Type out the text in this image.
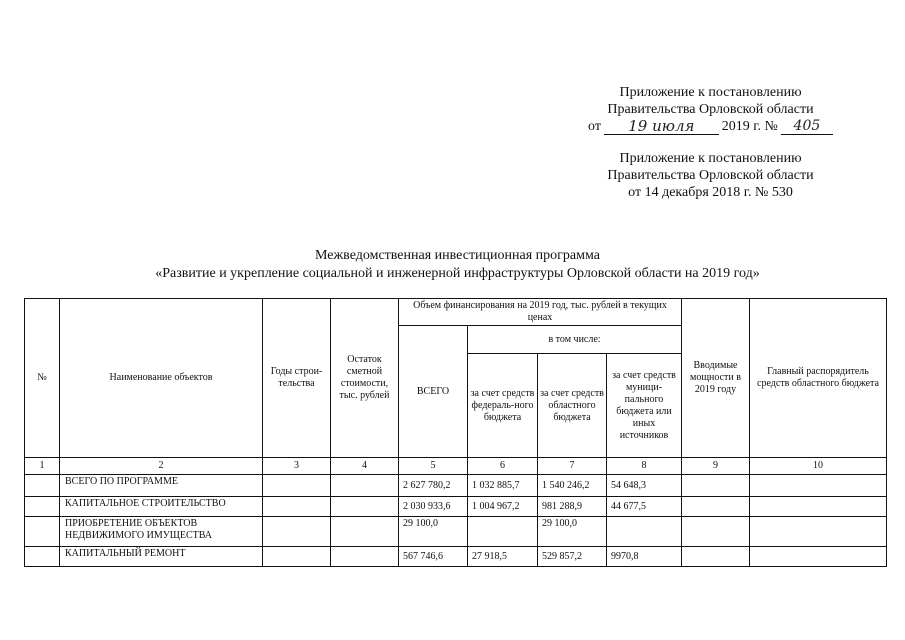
Приложение к постановлению
Правительства Орловской области
от	19 июля	2019 г. №	405
Приложение к постановлению
Правительства Орловской области
от 14 декабря 2018 г. № 530
Межведомственная инвестиционная программа
«Развитие и укрепление социальной и инженерной инфраструктуры Орловской области на 2019 год»
№	Наименование объектов	Годы строи-тельства	Остаток сметной стоимости, тыс. рублей	Объем финансирования на 2019 год, тыс. рублей в текущих ценах				Вводимые мощности в 2019 году	Главный распорядитель средств областного бюджета
				ВСЕГО	в том числе:				
					за счет средств федераль-ного бюджета	за счет средств областного бюджета	за счет средств муници-пального бюджета или иных источников		
1	2	3	4	5	6	7	8	9	10
	ВСЕГО ПО ПРОГРАММЕ			2 627 780,2	1 032 885,7	1 540 246,2	54 648,3		
	КАПИТАЛЬНОЕ СТРОИТЕЛЬСТВО			2 030 933,6	1 004 967,2	981 288,9	44 677,5		
	ПРИОБРЕТЕНИЕ ОБЪЕКТОВ НЕДВИЖИМОГО ИМУЩЕСТВА			29 100,0		29 100,0			
	КАПИТАЛЬНЫЙ РЕМОНТ			567 746,6	27 918,5	529 857,2	9970,8		
